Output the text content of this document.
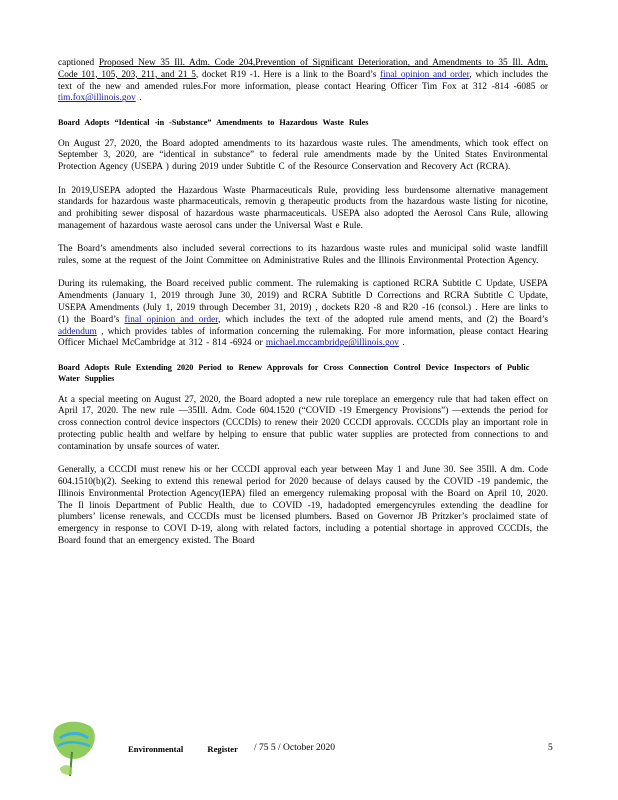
captioned Proposed New 35 Ill. Adm. Code 204,Prevention of Significant Deterioration, and Amendments to 35 Ill. Adm. Code 101, 105, 203, 211, and 21 5, docket R19 -1. Here is a link to the Board’s final opinion and order, which includes the text of the new and amended rules.For more information, please contact Hearing Officer Tim Fox at 312 -814 -6085 or tim.fox@illinois.gov .

Board Adopts “Identical -in -Substance” Amendments to Hazardous Waste Rules

On August 27, 2020, the Board adopted amendments to its hazardous waste rules. The amendments, which took effect on September 3, 2020, are “identical in substance” to federal rule amendments made by the United States Environmental Protection Agency (USEPA ) during 2019 under Subtitle C of the Resource Conservation and Recovery Act (RCRA).

In 2019,USEPA adopted the Hazardous Waste Pharmaceuticals Rule, providing less burdensome alternative management standards for hazardous waste pharmaceuticals, removin g therapeutic products from the hazardous waste listing for nicotine, and prohibiting sewer disposal of hazardous waste pharmaceuticals. USEPA also adopted the Aerosol Cans Rule, allowing management of hazardous waste aerosol cans under the Universal Wast e Rule.

The Board’s amendments also included several corrections to its hazardous waste rules and municipal solid waste landfill rules, some at the request of the Joint Committee on Administrative Rules and the Illinois Environmental Protection Agency.

During its rulemaking, the Board received public comment. The rulemaking is captioned RCRA Subtitle C Update, USEPA Amendments (January 1, 2019 through June 30, 2019) and RCRA Subtitle D Corrections and RCRA Subtitle C Update, USEPA Amendments (July 1, 2019 through December 31, 2019) , dockets R20 -8 and R20 -16 (consol.) . Here are links to (1) the Board’s final opinion and order, which includes the text of the adopted rule amend ments, and (2) the Board’s addendum , which provides tables of information concerning the rulemaking. For more information, please contact Hearing Officer Michael McCambridge at 312 - 814 -6924 or michael.mccambridge@illinois.gov .

Board Adopts Rule Extending 2020 Period to Renew Approvals for Cross Connection Control Device Inspectors of Public Water Supplies

At a special meeting on August 27, 2020, the Board adopted a new rule toreplace an emergency rule that had taken effect on April 17, 2020. The new rule —35Ill. Adm. Code 604.1520 (“COVID -19 Emergency Provisions”) —extends the period for cross connection control device inspectors (CCCDIs) to renew their 2020 CCCDI approvals. CCCDIs play an important role in protecting public health and welfare by helping to ensure that public water supplies are protected from connections to and contamination by unsafe sources of water.

Generally, a CCCDI must renew his or her CCCDI approval each year between May 1 and June 30. See 35Ill. A dm. Code 604.1510(b)(2). Seeking to extend this renewal period for 2020 because of delays caused by the COVID -19 pandemic, the Illinois Environmental Protection Agency(IEPA) filed an emergency rulemaking proposal with the Board on April 10, 2020. The Il linois Department of Public Health, due to COVID -19, hadadopted emergencyrules extending the deadline for plumbers’ license renewals, and CCCDIs must be licensed plumbers. Based on Governor JB Pritzker’s proclaimed state of emergency in response to COVI D-19, along with related factors, including a potential shortage in approved CCCDIs, the Board found that an emergency existed. The Board

Environmental Register / 75 5 / October 2020	5
